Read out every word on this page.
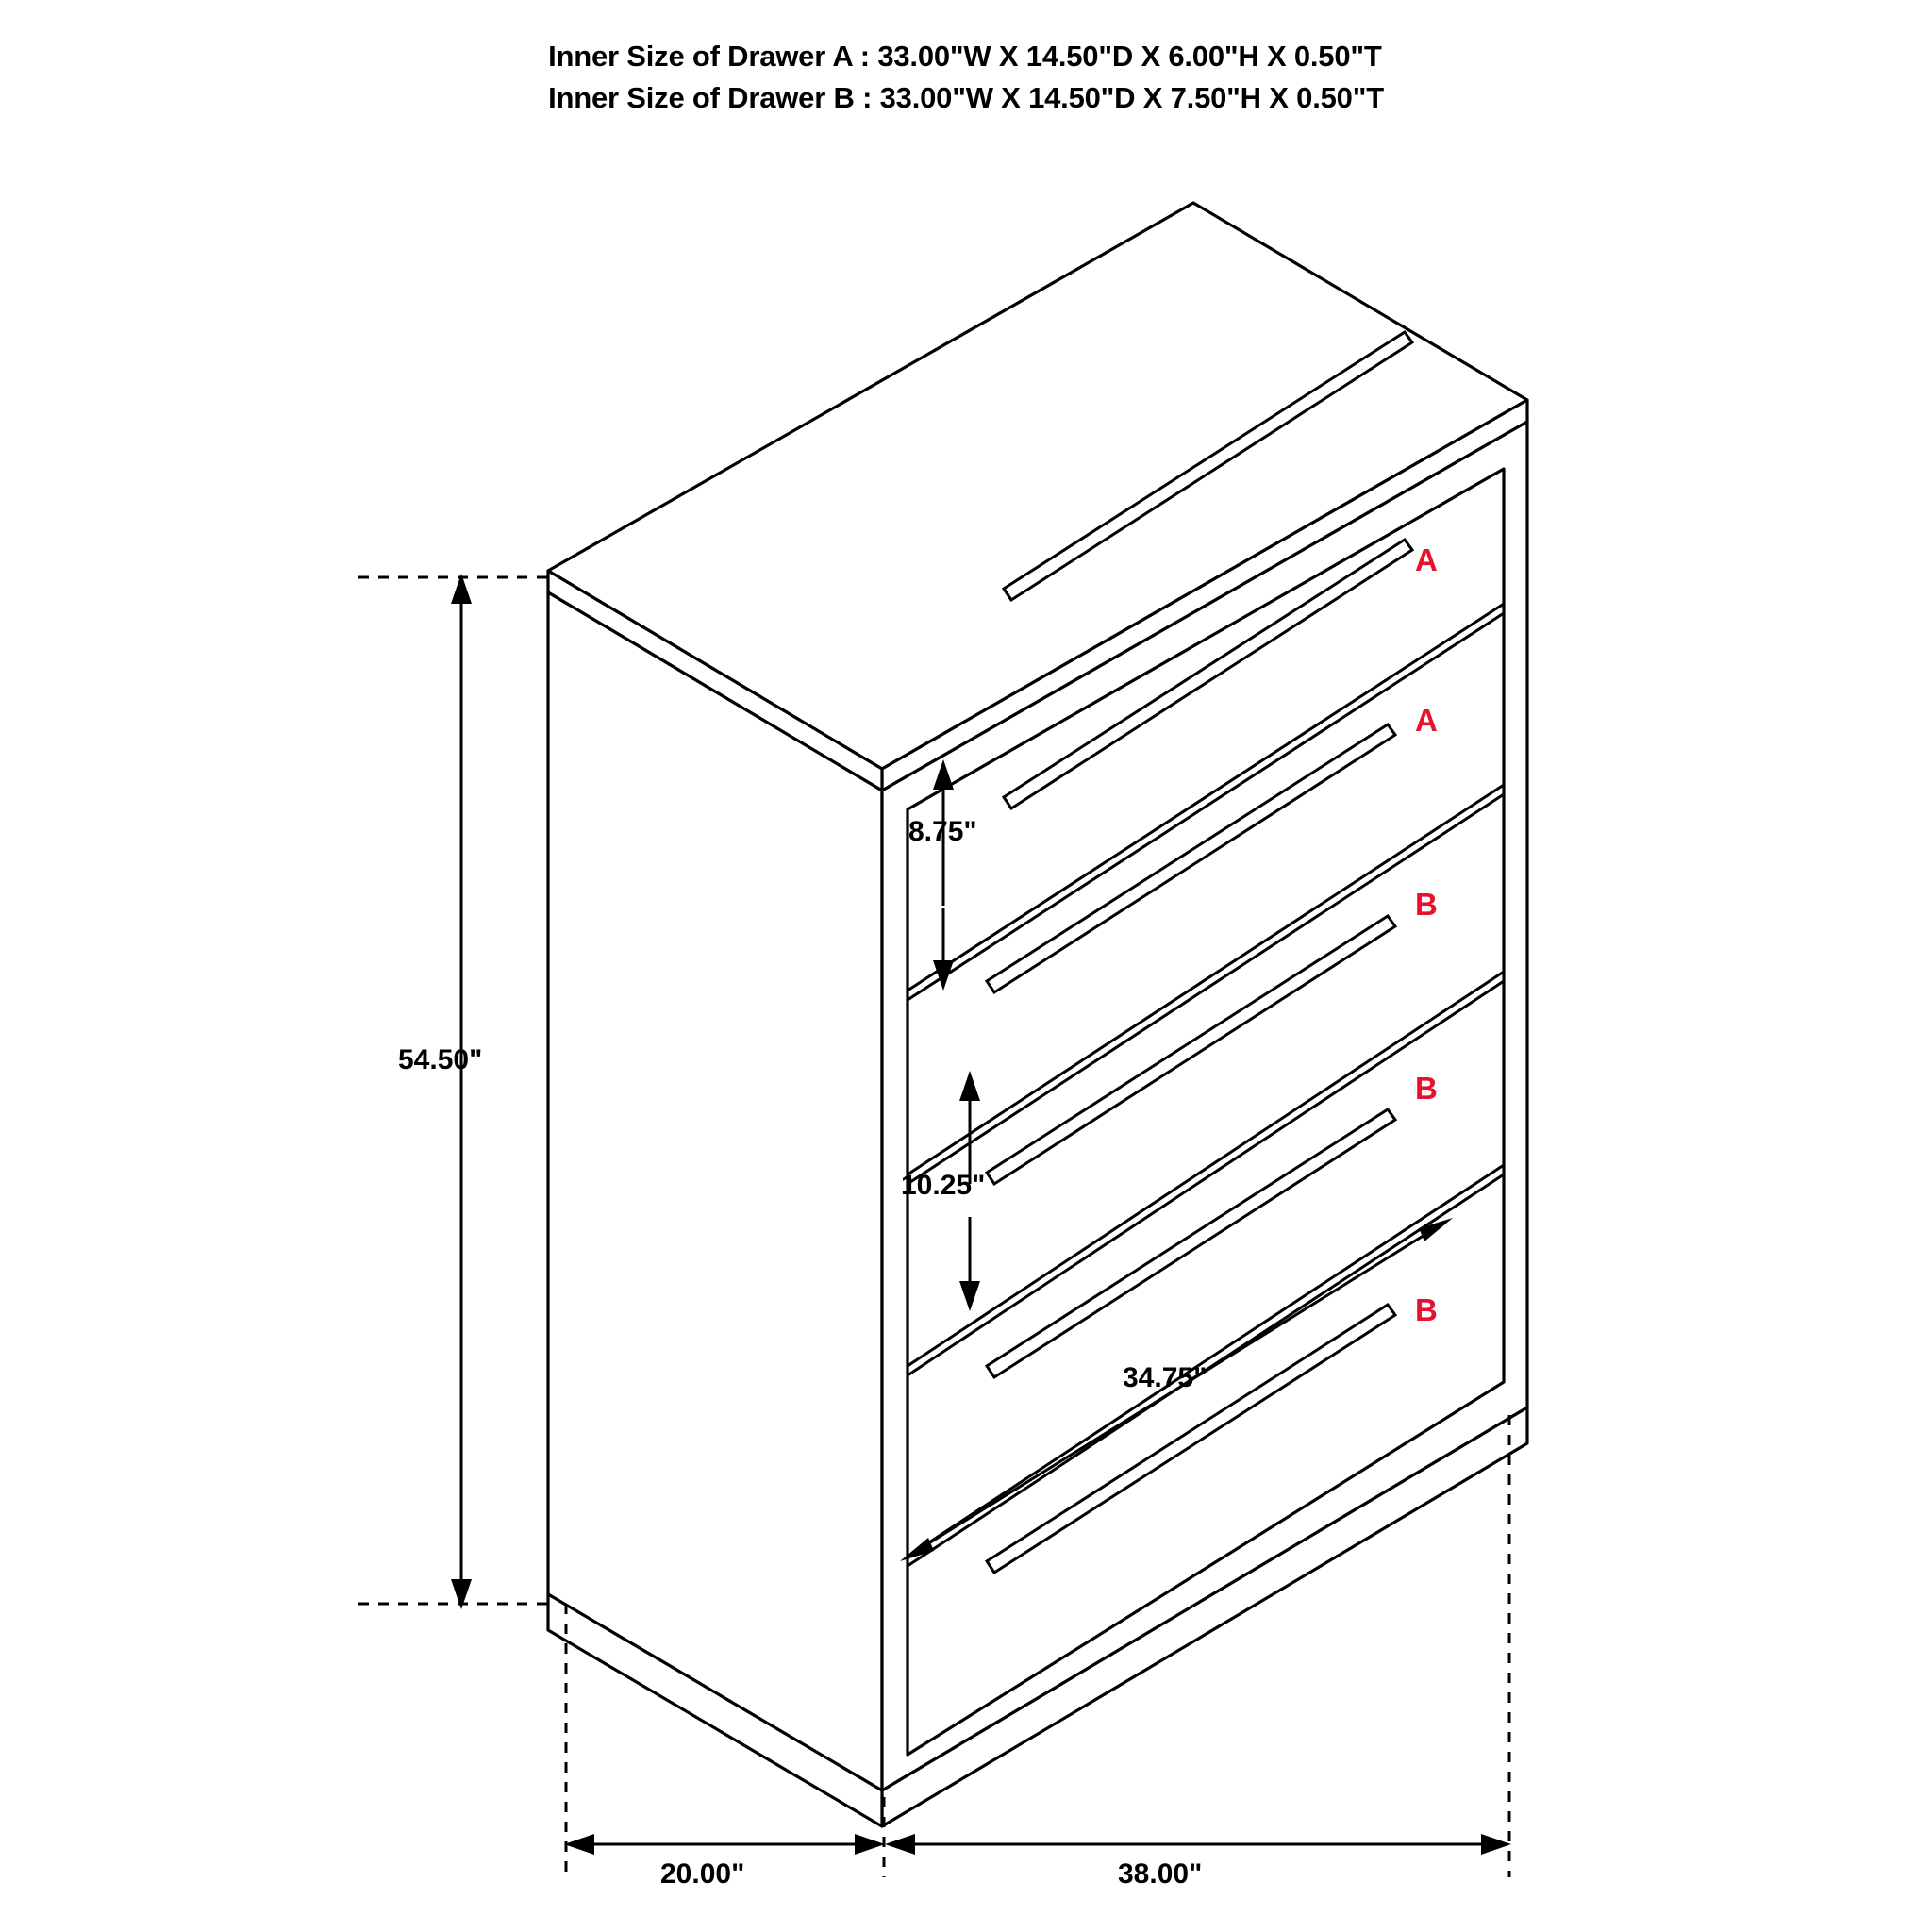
Inner Size of Drawer A : 33.00"W X 14.50"D X 6.00"H X 0.50"T
Inner Size of Drawer B : 33.00"W X 14.50"D X 7.50"H X 0.50"T
54.50"
8.75"
10.25"
34.75"
20.00"	38.00"
A
A
B
B
B
